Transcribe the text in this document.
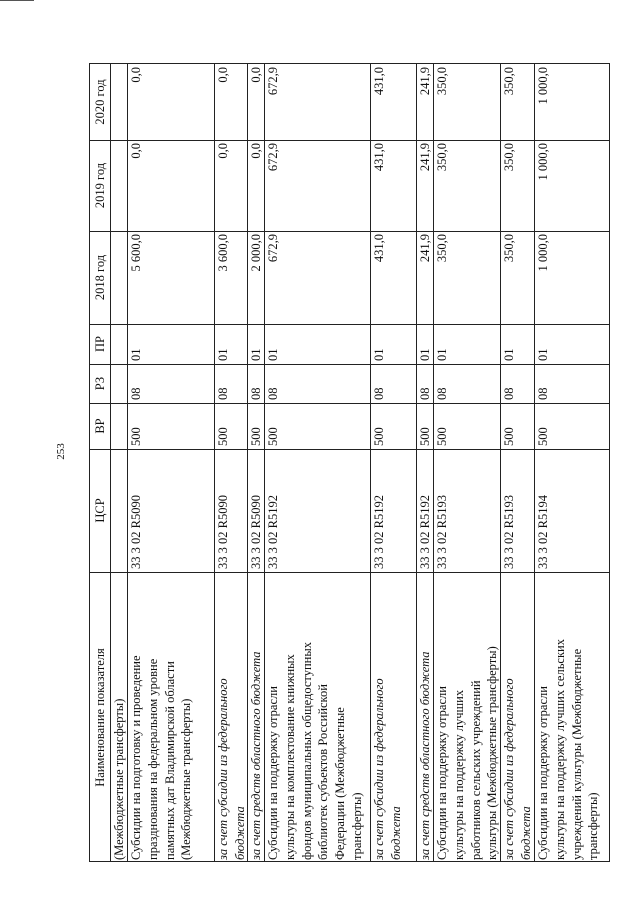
253
2020 год
2019 год
2018 год
ПР
РЗ
ВР
ЦСР
Наименование показателя (Межбюджетные трансферты)
0,0
0,0
5 600,0
01
08
500
33 3 02 R5090
Субсидии на подготовку и проведение празднования на федеральном уровне памятных дат Владимирской области (Межбюджетные трансферты)
0,0
0,0
3 600,0
01
08
500
33 3 02 R5090
за счет субсидии из федерального бюджета
0,0
0,0
2 000,0
01
08
500
33 3 02 R5090
за счет средств областного бюджета
672,9
672,9
672,9
01
08
500
33 3 02 R5192
Субсидии на поддержку отрасли культуры на комплектование книжных фондов муниципальных общедоступных библиотек субъектов Российской Федерации (Межбюджетные трансферты)
431,0
431,0
431,0
01
08
500
33 3 02 R5192
за счет субсидии из федерального бюджета
241,9
241,9
241,9
01
08
500
33 3 02 R5192
за счет средств областного бюджета
350,0
350,0
350,0
01
08
500
33 3 02 R5193
Субсидии на поддержку отрасли культуры на поддержку лучших работников сельских учреждений культуры (Межбюджетные трансферты)
350,0
350,0
350,0
01
08
500
33 3 02 R5193
за счет субсидии из федерального бюджета
1 000,0
1 000,0
1 000,0
01
08
500
33 3 02 R5194
Субсидии на поддержку отрасли культуры на поддержку лучших сельских учреждений культуры (Межбюджетные трансферты)
